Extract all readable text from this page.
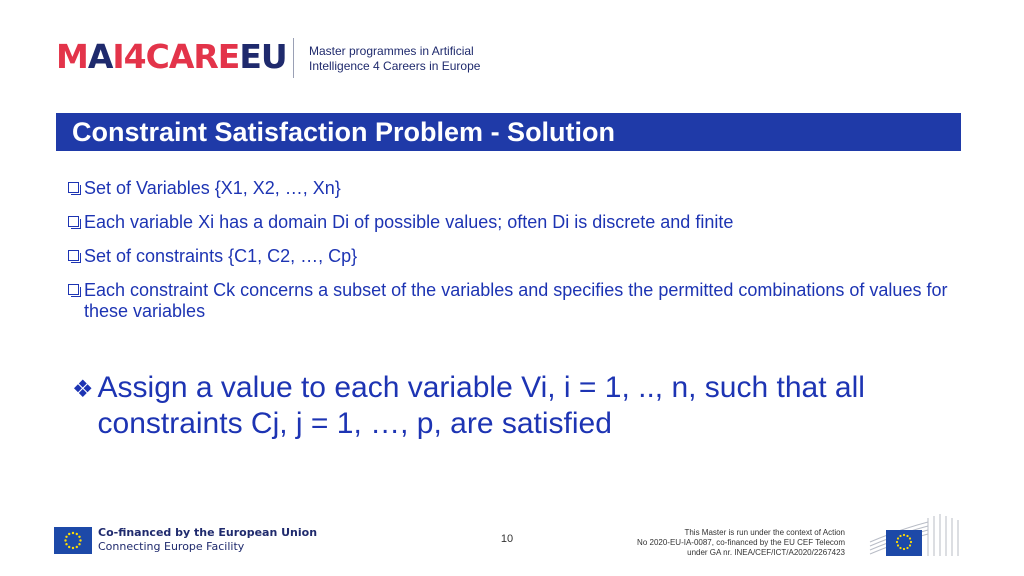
MAI4CAREEU Master programmes in Artificial
Intelligence 4 Careers in Europe
Constraint Satisfaction Problem - Solution
Set of Variables {X1, X2, …, Xn}
Each variable Xi has a domain Di of possible values; often Di is discrete and finite
Set of constraints {C1, C2, …, Cp}
Each constraint Ck concerns a subset of the variables and specifies the permitted combinations of values for these variables
❖ Assign a value to each variable Vi, i = 1, .., n, such that all constraints Cj, j = 1, …, p, are satisfied
Co-financed by the European Union
Connecting Europe Facility
10
This Master is run under the context of Action
No 2020-EU-IA-0087, co-financed by the EU CEF Telecom
under GA nr. INEA/CEF/ICT/A2020/2267423
